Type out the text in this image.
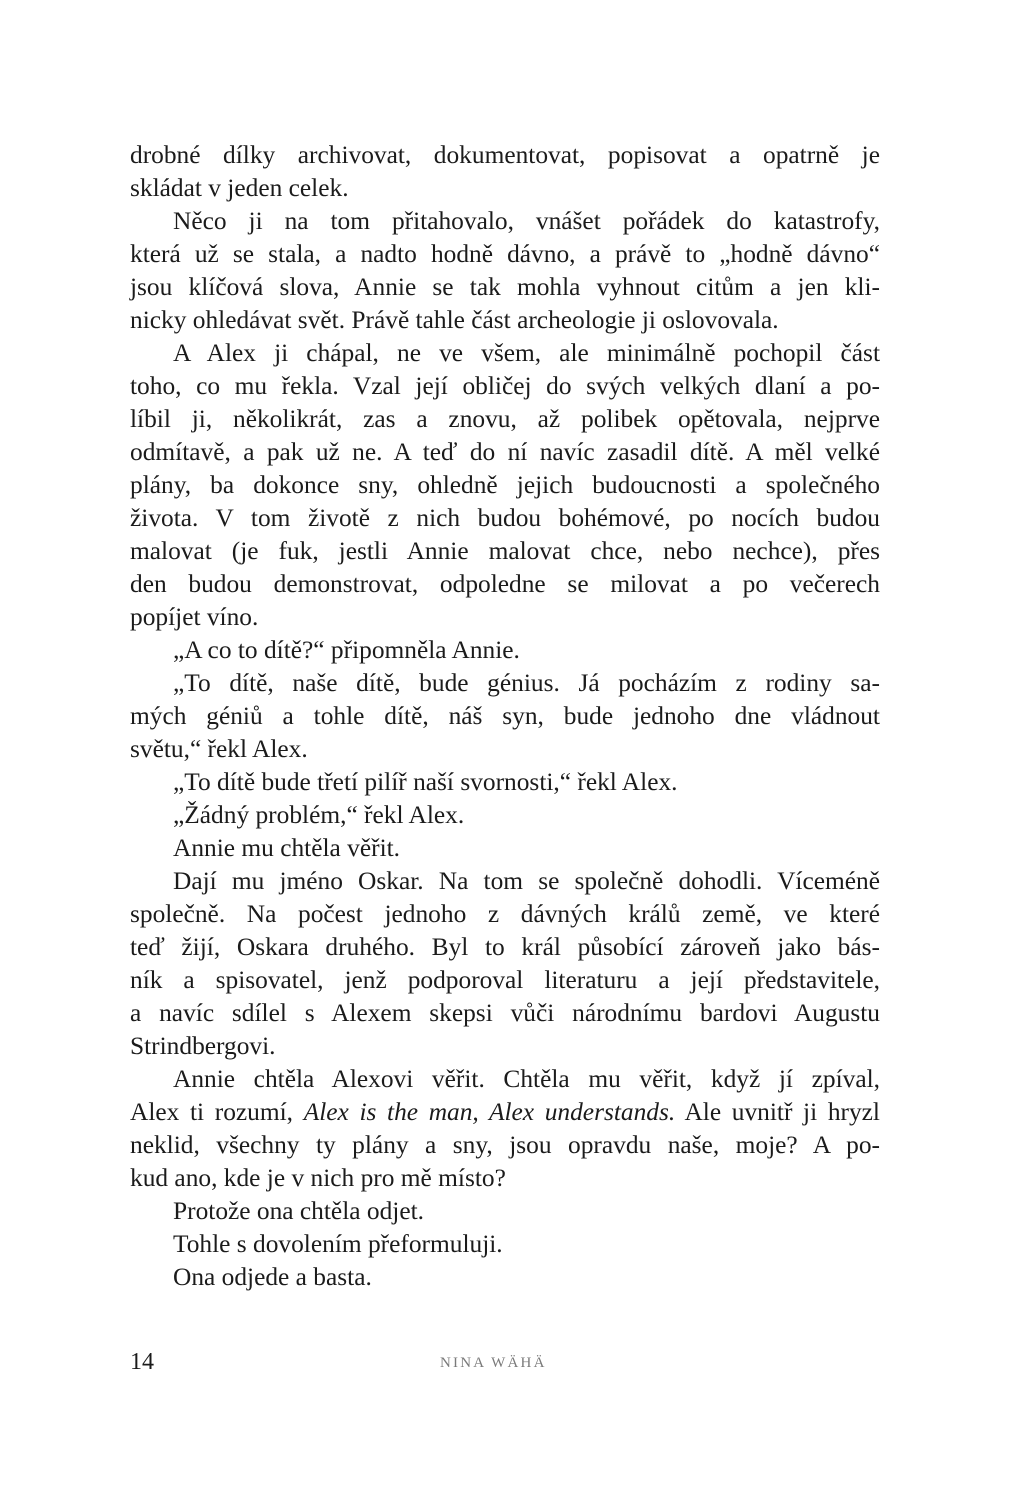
drobné dílky archivovat, dokumentovat, popisovat a opatrně je
skládat v jeden celek.
Něco ji na tom přitahovalo, vnášet pořádek do katastrofy,
která už se stala, a nadto hodně dávno, a právě to „hodně dávno“
jsou klíčová slova, Annie se tak mohla vyhnout citům a jen kli-
nicky ohledávat svět. Právě tahle část archeologie ji oslovovala.
A Alex ji chápal, ne ve všem, ale minimálně pochopil část
toho, co mu řekla. Vzal její obličej do svých velkých dlaní a po-
líbil ji, několikrát, zas a znovu, až polibek opětovala, nejprve
odmítavě, a pak už ne. A teď do ní navíc zasadil dítě. A měl velké
plány, ba dokonce sny, ohledně jejich budoucnosti a společného
života. V tom životě z nich budou bohémové, po nocích budou
malovat (je fuk, jestli Annie malovat chce, nebo nechce), přes
den budou demonstrovat, odpoledne se milovat a po večerech
popíjet víno.
„A co to dítě?“ připomněla Annie.
„To dítě, naše dítě, bude génius. Já pocházím z rodiny sa-
mých géniů a tohle dítě, náš syn, bude jednoho dne vládnout
světu,“ řekl Alex.
„To dítě bude třetí pilíř naší svornosti,“ řekl Alex.
„Žádný problém,“ řekl Alex.
Annie mu chtěla věřit.
Dají mu jméno Oskar. Na tom se společně dohodli. Víceméně
společně. Na počest jednoho z dávných králů země, ve které
teď žijí, Oskara druhého. Byl to král působící zároveň jako bás-
ník a spisovatel, jenž podporoval literaturu a její představitele,
a navíc sdílel s Alexem skepsi vůči národnímu bardovi Augustu
Strindbergovi.
Annie chtěla Alexovi věřit. Chtěla mu věřit, když jí zpíval,
Alex ti rozumí, Alex is the man, Alex understands. Ale uvnitř ji hryzl
neklid, všechny ty plány a sny, jsou opravdu naše, moje? A po-
kud ano, kde je v nich pro mě místo?
Protože ona chtěla odjet.
Tohle s dovolením přeformuluji.
Ona odjede a basta.
14	NINA WÄHÄ
